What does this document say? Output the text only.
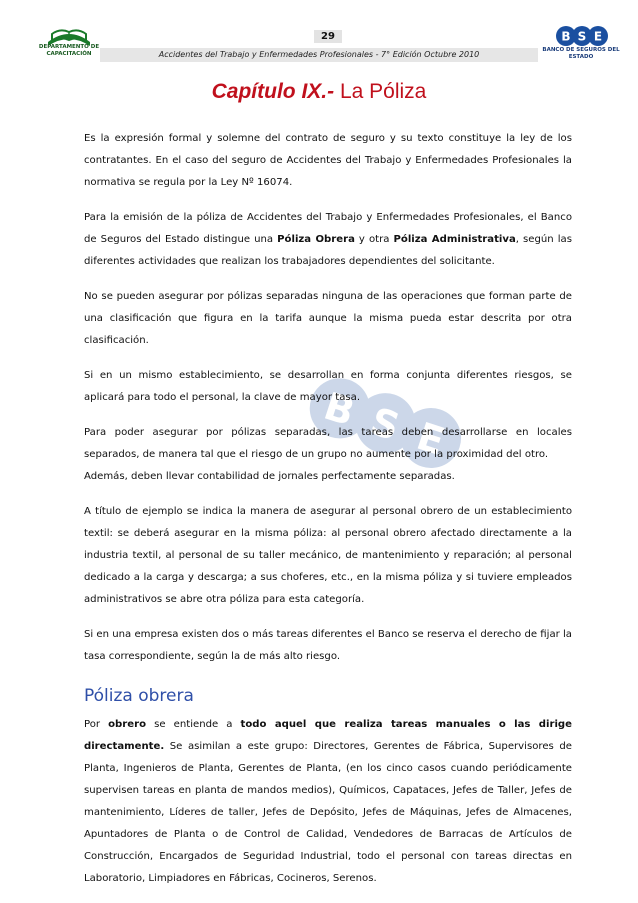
DEPARTAMENTO DE CAPACITACIÓN
29
Accidentes del Trabajo y Enfermedades Profesionales - 7° Edición Octubre 2010
B S E
BANCO DE SEGUROS DEL ESTADO
Capítulo IX.- La Póliza
B S E

Es la expresión formal y solemne del contrato de seguro y su texto constituye la ley de los contratantes. En el caso del seguro de Accidentes del Trabajo y Enfermedades Profesionales la normativa se regula por la Ley Nº 16074.

Para la emisión de la póliza de Accidentes del Trabajo y Enfermedades Profesionales, el Banco de Seguros del Estado distingue una Póliza Obrera y otra Póliza Administrativa, según las diferentes actividades que realizan los trabajadores dependientes del solicitante.

No se pueden asegurar por pólizas separadas ninguna de las operaciones que forman parte de una clasificación que figura en la tarifa aunque la misma pueda estar descrita por otra clasificación.

Si en un mismo establecimiento, se desarrollan en forma conjunta diferentes riesgos, se aplicará para todo el personal, la clave de mayor tasa.

Para poder asegurar por pólizas separadas, las tareas deben desarrollarse en locales separados, de manera tal que el riesgo de un grupo no aumente por la proximidad del otro.
Además, deben llevar contabilidad de jornales perfectamente separadas.

A título de ejemplo se indica la manera de asegurar al personal obrero de un establecimiento textil: se deberá asegurar en la misma póliza: al personal obrero afectado directamente a la industria textil, al personal de su taller mecánico, de mantenimiento y reparación; al personal dedicado a la carga y descarga; a sus choferes, etc., en la misma póliza y si tuviere empleados administrativos se abre otra póliza para esta categoría.

Si en una empresa existen dos o más tareas diferentes el Banco se reserva el derecho de fijar la tasa correspondiente, según la de más alto riesgo.

Póliza obrera

Por obrero se entiende a todo aquel que realiza tareas manuales o las dirige directamente. Se asimilan a este grupo: Directores, Gerentes de Fábrica, Supervisores de Planta, Ingenieros de Planta, Gerentes de Planta, (en los cinco casos cuando periódicamente supervisen tareas en planta de mandos medios), Químicos, Capataces, Jefes de Taller, Jefes de mantenimiento, Líderes de taller, Jefes de Depósito, Jefes de Máquinas, Jefes de Almacenes, Apuntadores de Planta o de Control de Calidad, Vendedores de Barracas de Artículos de Construcción, Encargados de Seguridad Industrial, todo el personal con tareas directas en Laboratorio, Limpiadores en Fábricas, Cocineros, Serenos.
